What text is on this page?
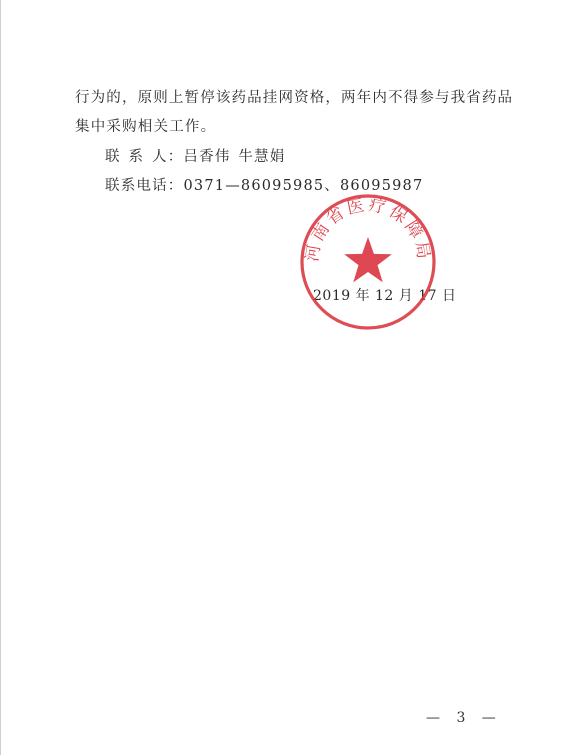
行为的，原则上暂停该药品挂网资格，两年内不得参与我省药品
集中采购相关工作。
联 系 人：吕香伟 牛慧娟
联系电话：0371—86095985、86095987
2019 年 12 月 17 日
河南省医疗保障局
— 3 —
